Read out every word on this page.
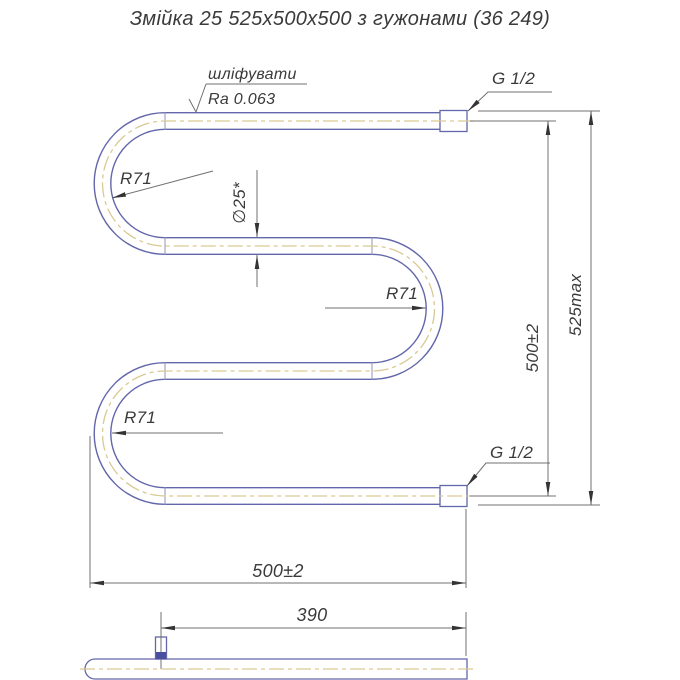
Змійка 25 525х500х500 з гужонами (36 249)
шліфувати
Ra 0.063
G 1/2
G 1/2
R71
R71
R71
∅25*
500±2
525max
500±2
390
